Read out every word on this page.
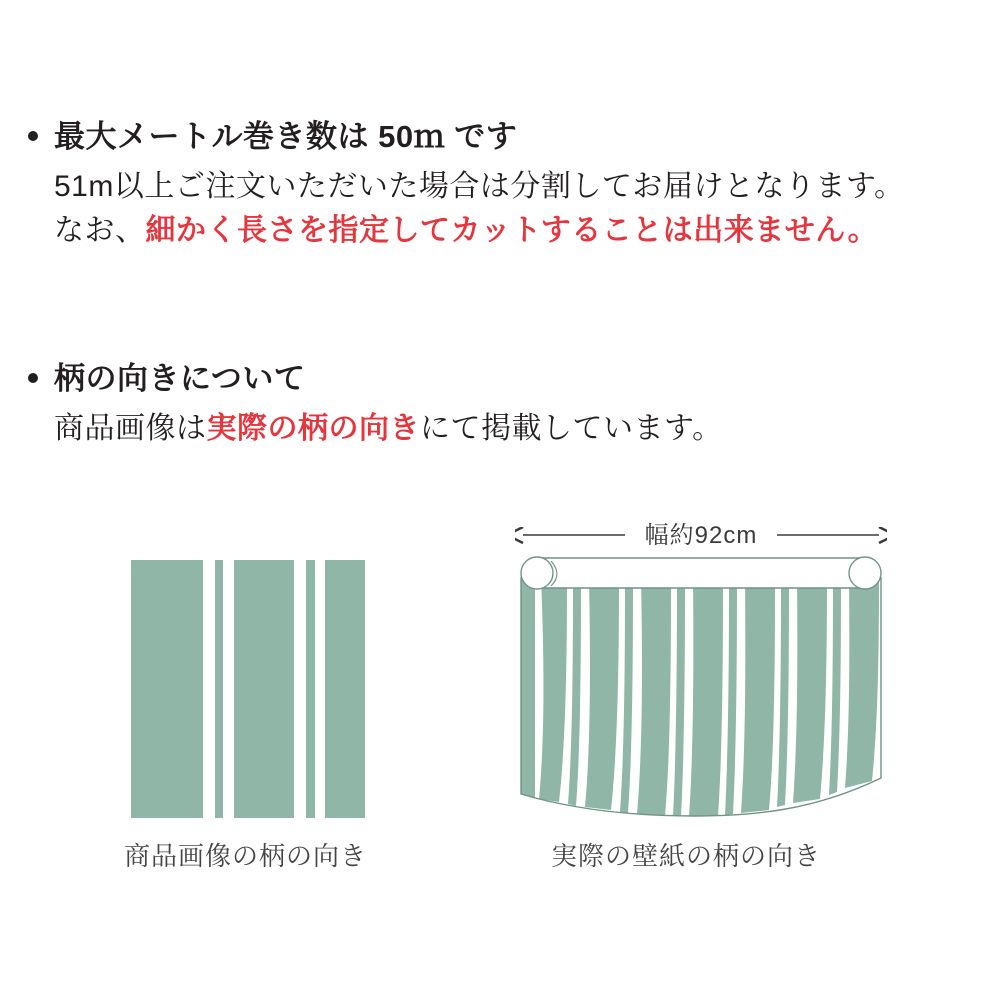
最大メートル巻き数は 50ｍ です
51m以上ご注文いただいた場合は分割してお届けとなります。
なお、細かく長さを指定してカットすることは出来ません。
柄の向きについて
商品画像は実際の柄の向きにて掲載しています。
商品画像の柄の向き
幅約92cm
実際の壁紙の柄の向き
